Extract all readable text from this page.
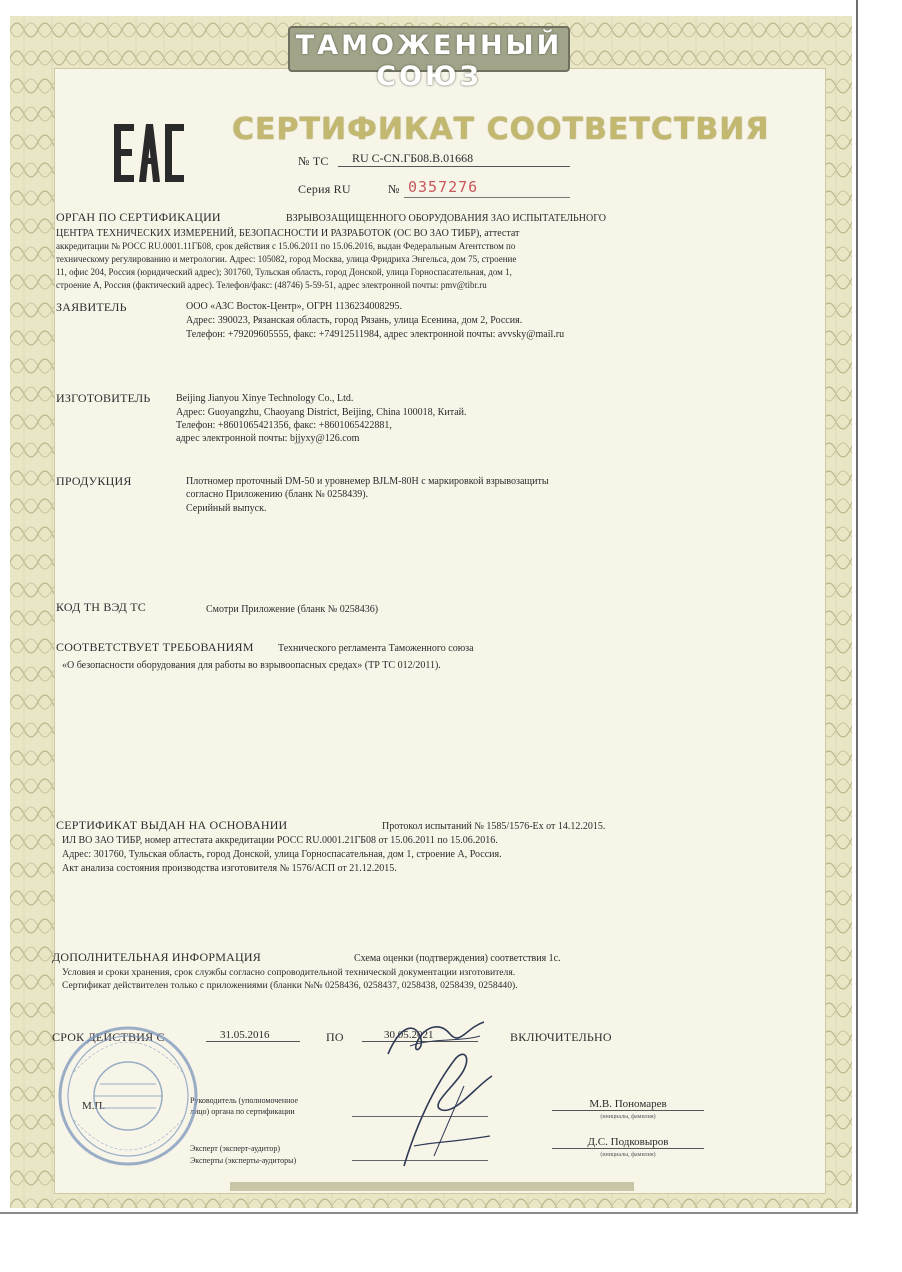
ТАМОЖЕННЫЙ СОЮЗ
СЕРТИФИКАТ СООТВЕТСТВИЯ
№ ТС	RU C-CN.ГБ08.В.01668
Серия RU	№ 0357276
ОРГАН ПО СЕРТИФИКАЦИИ	ВЗРЫВОЗАЩИЩЕННОГО ОБОРУДОВАНИЯ ЗАО ИСПЫТАТЕЛЬНОГО
ЦЕНТРА ТЕХНИЧЕСКИХ ИЗМЕРЕНИЙ, БЕЗОПАСНОСТИ И РАЗРАБОТОК (ОС ВО ЗАО ТИБР), аттестат
аккредитации № РОСС RU.0001.11ГБ08, срок действия с 15.06.2011 по 15.06.2016, выдан Федеральным Агентством по
техническому регулированию и метрологии. Адрес: 105082, город Москва, улица Фридриха Энгельса, дом 75, строение
11, офис 204, Россия (юридический адрес); 301760, Тульская область, город Донской, улица Горноспасательная, дом 1,
строение А, Россия (фактический адрес). Телефон/факс: (48746) 5-59-51, адрес электронной почты: pmv@tibr.ru
ЗАЯВИТЕЛЬ	ООО «АЗС Восток-Центр», ОГРН 1136234008295.
Адрес: 390023, Рязанская область, город Рязань, улица Есенина, дом 2, Россия.
Телефон: +79209605555, факс: +74912511984, адрес электронной почты: avvsky@mail.ru
ИЗГОТОВИТЕЛЬ	Beijing Jianyou Xinye Technology Co., Ltd.
Адрес: Guoyangzhu, Chaoyang District, Beijing, China 100018, Китай.
Телефон: +8601065421356, факс: +8601065422881,
адрес электронной почты: bjjyxy@126.com
ПРОДУКЦИЯ	Плотномер проточный DM-50 и уровнемер BJLM-80H с маркировкой взрывозащиты
согласно Приложению (бланк № 0258439).
Серийный выпуск.
КОД ТН ВЭД ТС	Смотри Приложение (бланк № 0258436)
СООТВЕТСТВУЕТ ТРЕБОВАНИЯМ Технического регламента Таможенного союза
«О безопасности оборудования для работы во взрывоопасных средах» (ТР ТС 012/2011).
СЕРТИФИКАТ ВЫДАН НА ОСНОВАНИИ	Протокол испытаний № 1585/1576-Ex от 14.12.2015.
ИЛ ВО ЗАО ТИБР, номер аттестата аккредитации РОСС RU.0001.21ГБ08 от 15.06.2011 по 15.06.2016.
Адрес: 301760, Тульская область, город Донской, улица Горноспасательная, дом 1, строение А, Россия.
Акт анализа состояния производства изготовителя № 1576/АСП от 21.12.2015.
ДОПОЛНИТЕЛЬНАЯ ИНФОРМАЦИЯ	Схема оценки (подтверждения) соответствия 1с.
Условия и сроки хранения, срок службы согласно сопроводительной технической документации изготовителя.
Сертификат действителен только с приложениями (бланки №№ 0258436, 0258437, 0258438, 0258439, 0258440).
СРОК ДЕЙСТВИЯ С	31.05.2016	ПО	30.05.2021	ВКЛЮЧИТЕЛЬНО
М.П.	Руководитель (уполномоченное
лицо) органа по сертификации
М.В. Пономарев
(инициалы, фамилия)
Эксперт (эксперт-аудитор)
Эксперты (эксперты-аудиторы)
Д.С. Подковыров
(инициалы, фамилия)
